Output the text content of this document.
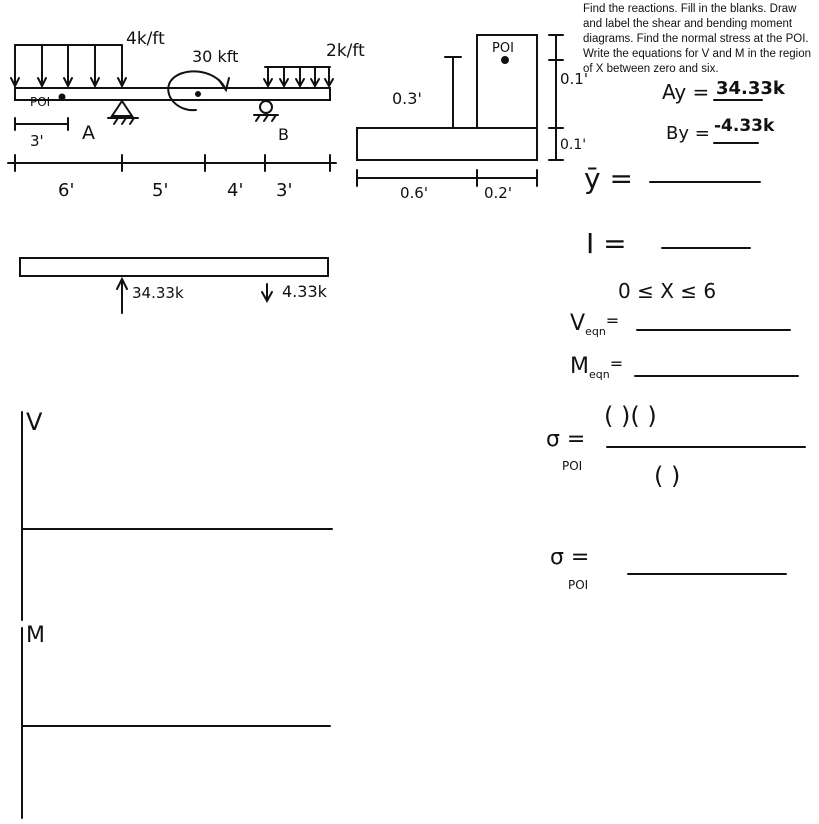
Find the reactions. Fill in the blanks. Draw and label the shear and bending moment diagrams. Find the normal stress at the POI. Write the equations for V and M in the region of X between zero and six.
4k/ft
30 kft	2k/ft
POI
3' A	B
6'	5'	4' 3'
POI
0.3'
0.1'
0.1'
0.6'	0.2'
Ay = 34.33k
By = -4.33k
ȳ =
I =
34.33k	4.33k	0 ≤ X ≤ 6
$V_{eqn}^=$
$M_{eqn}^=$
σ =
POI
( )( )
( )
σ =
POI
V
M
